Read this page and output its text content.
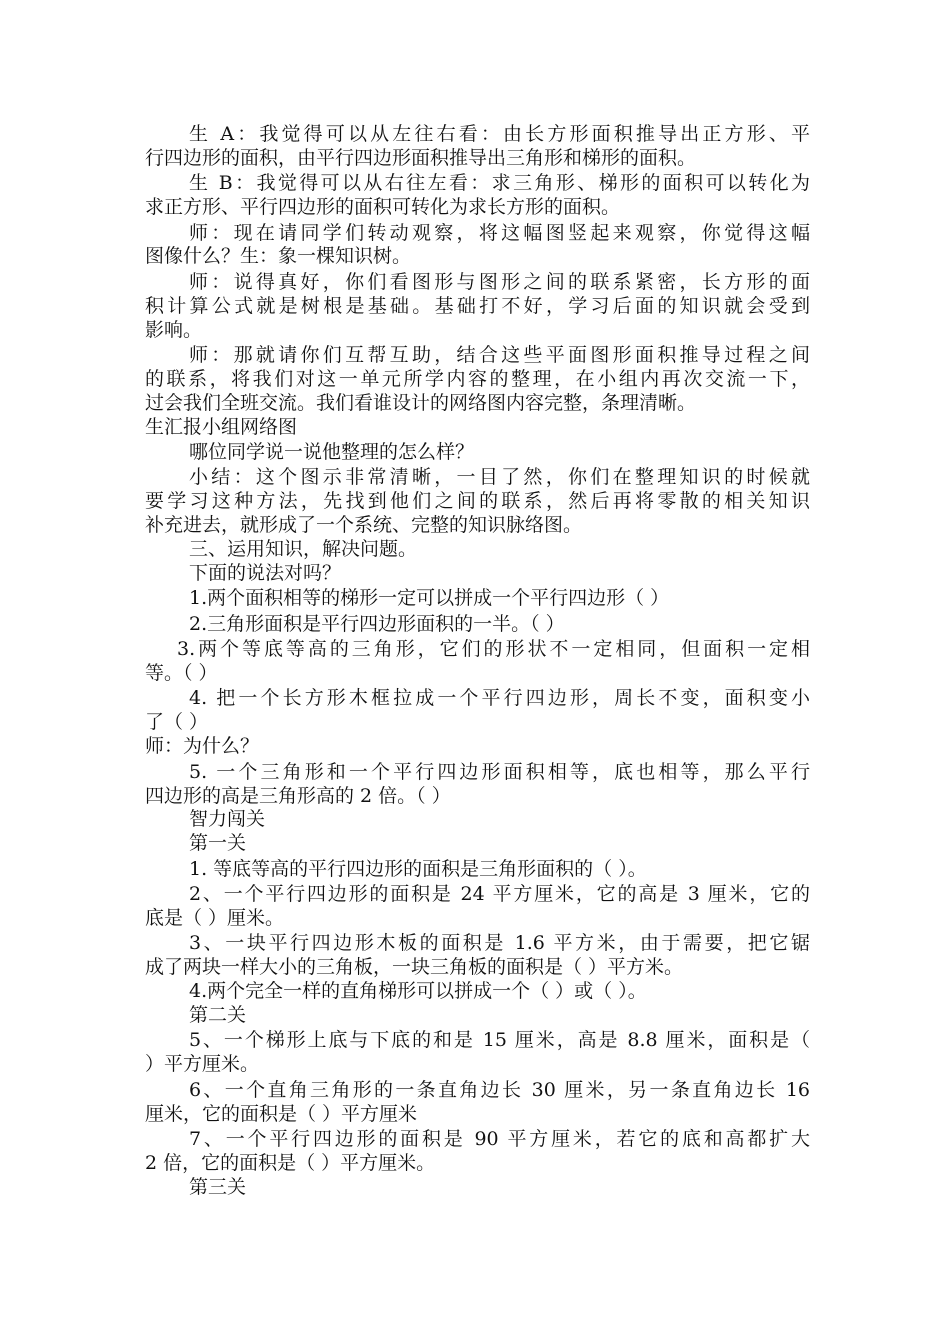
生 A：我觉得可以从左往右看：由长方形面积推导出正方形、平
行四边形的面积，由平行四边形面积推导出三角形和梯形的面积。
生 B：我觉得可以从右往左看：求三角形、梯形的面积可以转化为
求正方形、平行四边形的面积可转化为求长方形的面积。
师：现在请同学们转动观察，将这幅图竖起来观察，你觉得这幅
图像什么？生：象一棵知识树。
师：说得真好，你们看图形与图形之间的联系紧密，长方形的面
积计算公式就是树根是基础。基础打不好，学习后面的知识就会受到
影响。
师：那就请你们互帮互助，结合这些平面图形面积推导过程之间
的联系，将我们对这一单元所学内容的整理，在小组内再次交流一下，
过会我们全班交流。我们看谁设计的网络图内容完整，条理清晰。
生汇报小组网络图
哪位同学说一说他整理的怎么样？
小结：这个图示非常清晰，一目了然，你们在整理知识的时候就
要学习这种方法，先找到他们之间的联系，然后再将零散的相关知识
补充进去，就形成了一个系统、完整的知识脉络图。
三、运用知识，解决问题。
下面的说法对吗？
1.两个面积相等的梯形一定可以拼成一个平行四边形（ ）
2.三角形面积是平行四边形面积的一半。（ ）
3.两个等底等高的三角形，它们的形状不一定相同，但面积一定相
等。（ ）
4. 把一个长方形木框拉成一个平行四边形，周长不变，面积变小
了（ ）
师：为什么？
5. 一个三角形和一个平行四边形面积相等，底也相等，那么平行
四边形的高是三角形高的 2 倍。（ ）
智力闯关
第一关
1. 等底等高的平行四边形的面积是三角形面积的（ ）。
2、一个平行四边形的面积是 24 平方厘米，它的高是 3 厘米，它的
底是（ ）厘米。
3、一块平行四边形木板的面积是 1.6 平方米，由于需要，把它锯
成了两块一样大小的三角板，一块三角板的面积是（ ）平方米。
4.两个完全一样的直角梯形可以拼成一个（ ）或（ ）。
第二关
5、一个梯形上底与下底的和是 15 厘米，高是 8.8 厘米，面积是（
）平方厘米。
6、一个直角三角形的一条直角边长 30 厘米，另一条直角边长 16
厘米，它的面积是（ ）平方厘米
7、一个平行四边形的面积是 90 平方厘米，若它的底和高都扩大
2 倍，它的面积是（ ）平方厘米。
第三关
